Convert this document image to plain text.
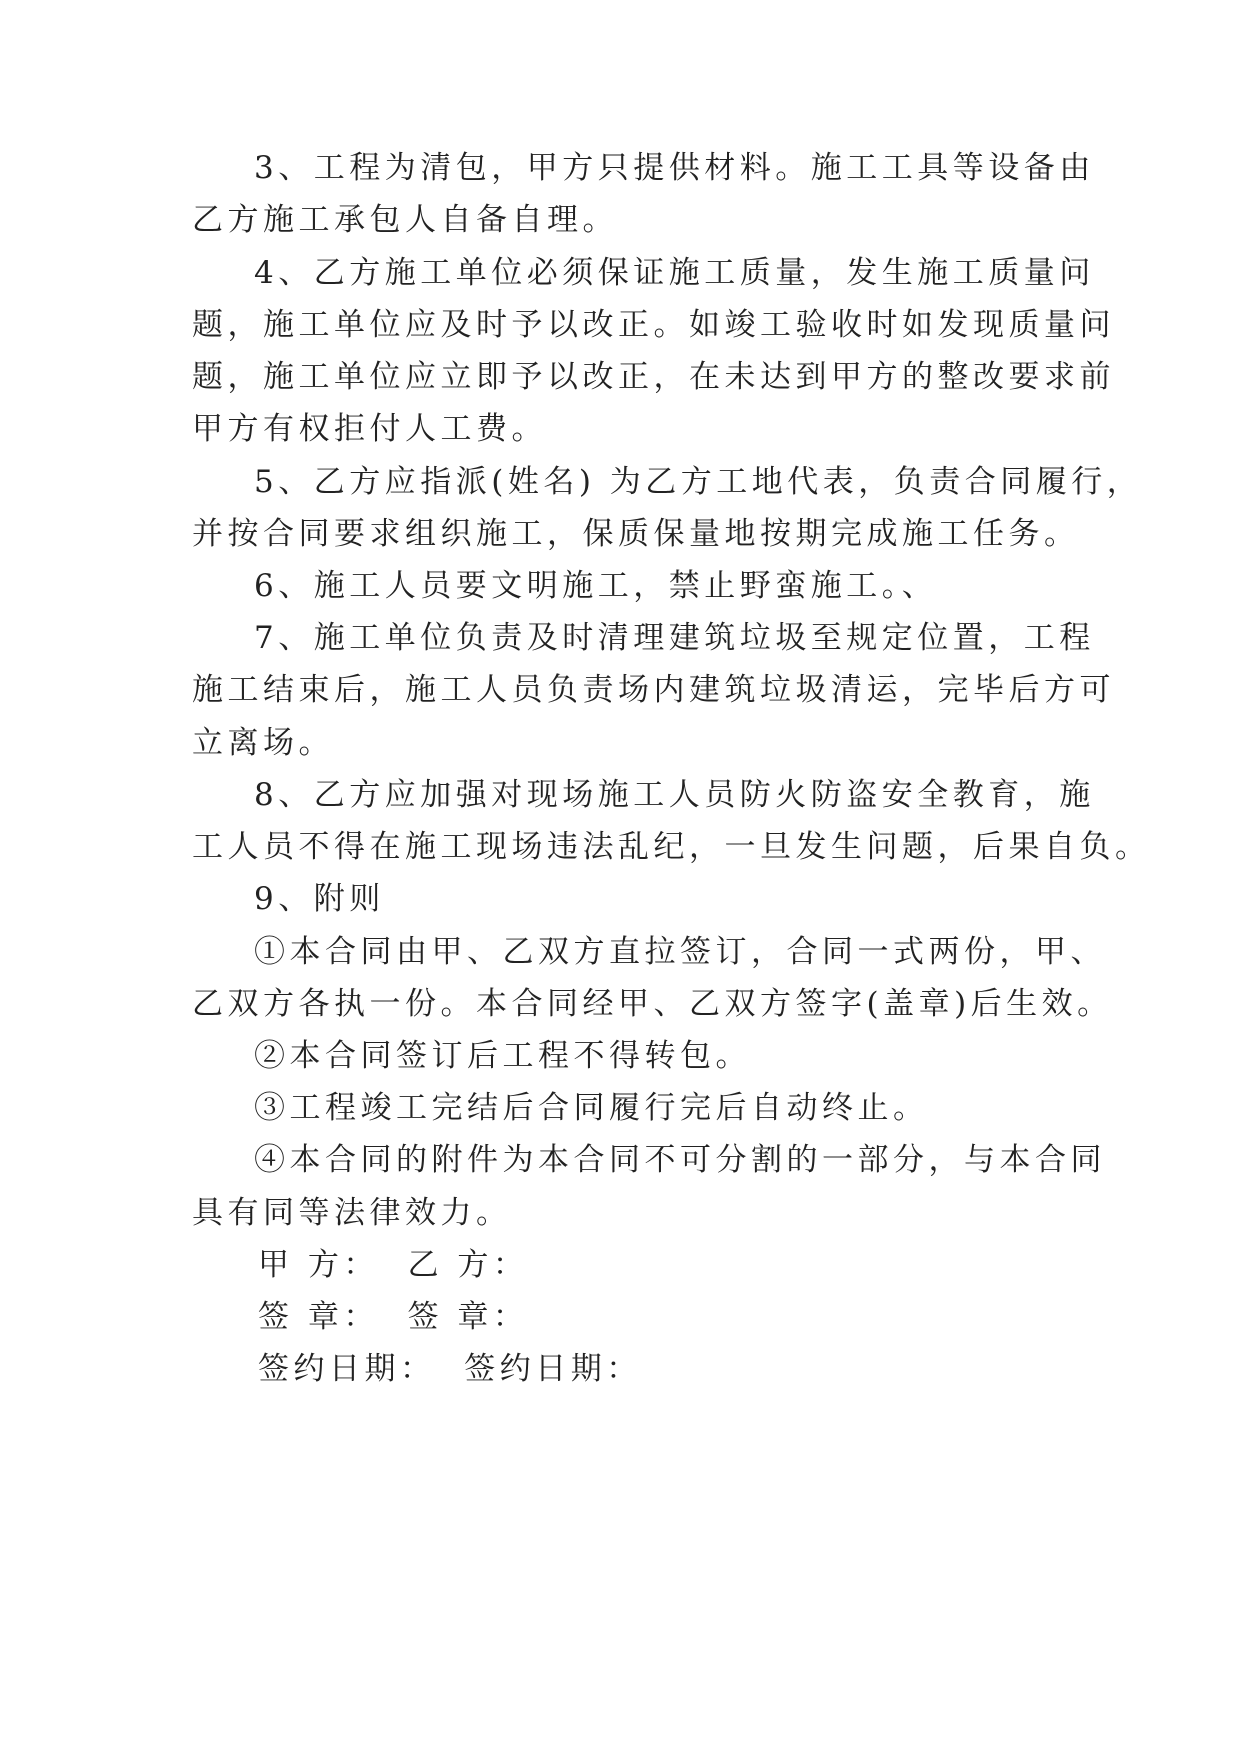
3、工程为清包，甲方只提供材料。施工工具等设备由

乙方施工承包人自备自理。

4、乙方施工单位必须保证施工质量，发生施工质量问

题，施工单位应及时予以改正。如竣工验收时如发现质量问

题，施工单位应立即予以改正，在未达到甲方的整改要求前

甲方有权拒付人工费。

5、乙方应指派(姓名) 为乙方工地代表，负责合同履行，

并按合同要求组织施工，保质保量地按期完成施工任务。

6、施工人员要文明施工，禁止野蛮施工。、

7、施工单位负责及时清理建筑垃圾至规定位置，工程

施工结束后，施工人员负责场内建筑垃圾清运，完毕后方可

立离场。

8、乙方应加强对现场施工人员防火防盗安全教育，施

工人员不得在施工现场违法乱纪，一旦发生问题，后果自负。

9、附则

①本合同由甲、乙双方直拉签订，合同一式两份，甲、

乙双方各执一份。本合同经甲、乙双方签字(盖章)后生效。

②本合同签订后工程不得转包。

③工程竣工完结后合同履行完后自动终止。

④本合同的附件为本合同不可分割的一部分，与本合同

具有同等法律效力。

甲 方： 乙 方：

签 章： 签 章：

签约日期： 签约日期：
